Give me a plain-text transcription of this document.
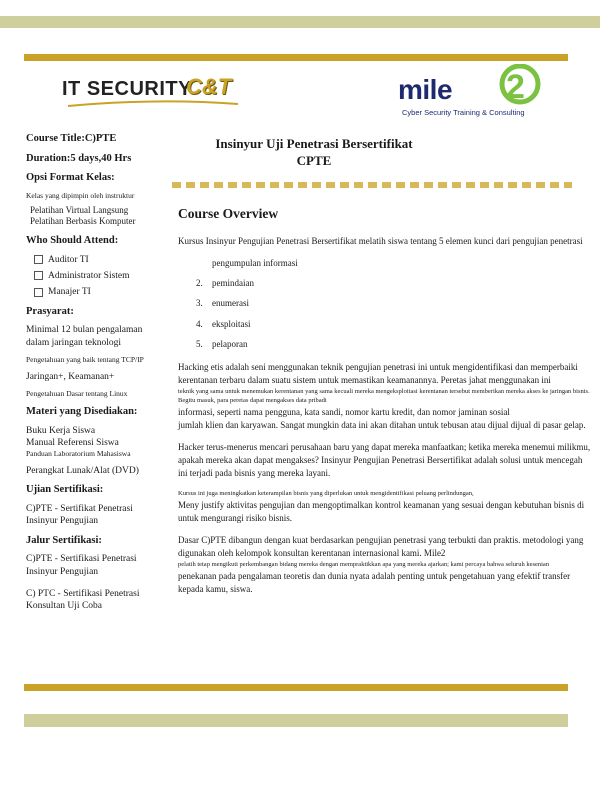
IT SECURITY
C&T	mile 2
Cyber Security Training & Consulting
Course Title:C)PTE
Duration:5 days,40 Hrs
Opsi Format Kelas:
Kelas yang dipimpin oleh instruktur
Pelatihan Virtual Langsung
Pelatihan Berbasis Komputer
Who Should Attend:
Auditor TI
Administrator Sistem
Manajer TI
Prasyarat:
Minimal 12 bulan pengalaman dalam jaringan teknologi
Pengetahuan yang baik tentang TCP/IP
Jaringan+, Keamanan+
Pengetahuan Dasar tentang Linux
Materi yang Disediakan:
Buku Kerja Siswa
Manual Referensi Siswa
Panduan Laboratorium Mahasiswa
Perangkat Lunak/Alat (DVD)
Ujian Sertifikasi:
C)PTE - Sertifikat Penetrasi Insinyur Pengujian
Jalur Sertifikasi:
C)PTE - Sertifikasi Penetrasi Insinyur Pengujian
C) PTC - Sertifikasi Penetrasi Konsultan Uji Coba
Insinyur Uji Penetrasi Bersertifikat
CPTE
Course Overview
Kursus Insinyur Pengujian Penetrasi Bersertifikat melatih siswa tentang 5 elemen kunci dari pengujian penetrasi
pengumpulan informasi
2. pemindaian
3. enumerasi
4. eksploitasi
5. pelaporan
Hacking etis adalah seni menggunakan teknik pengujian penetrasi ini untuk mengidentifikasi dan memperbaiki kerentanan terbaru dalam suatu sistem untuk memastikan keamanannya. Peretas jahat menggunakan ini
teknik yang sama untuk menemukan kerentanan yang sama kecuali mereka mengeksploitasi kerentanan tersebut memberikan mereka akses ke jaringan bisnis. Begitu masuk, para peretas dapat mengakses data pribadi
informasi, seperti nama pengguna, kata sandi, nomor kartu kredit, dan nomor jaminan sosial
jumlah klien dan karyawan. Sangat mungkin data ini akan ditahan untuk tebusan atau dijual dijual di pasar gelap.
Hacker terus-menerus mencari perusahaan baru yang dapat mereka manfaatkan; ketika mereka menemui milikmu, apakah mereka akan dapat mengakses? Insinyur Pengujian Penetrasi Bersertifikat adalah solusi untuk mencegah ini terjadi pada bisnis yang mereka layani.
Kursus ini juga meningkatkan keterampilan bisnis yang diperlukan untuk mengidentifikasi peluang perlindungan,
Meny justify aktivitas pengujian dan mengoptimalkan kontrol keamanan yang sesuai dengan kebutuhan bisnis di untuk mengurangi risiko bisnis.
Dasar C)PTE dibangun dengan kuat berdasarkan pengujian penetrasi yang terbukti dan praktis. metodologi yang digunakan oleh kelompok konsultan kerentanan internasional kami. Mile2
pelatih tetap mengikuti perkembangan bidang mereka dengan mempraktikkan apa yang mereka ajarkan; kami percaya bahwa seluruh kesenian
penekanan pada pengalaman teoretis dan dunia nyata adalah penting untuk pengetahuan yang efektif transfer kepada kamu, siswa.
